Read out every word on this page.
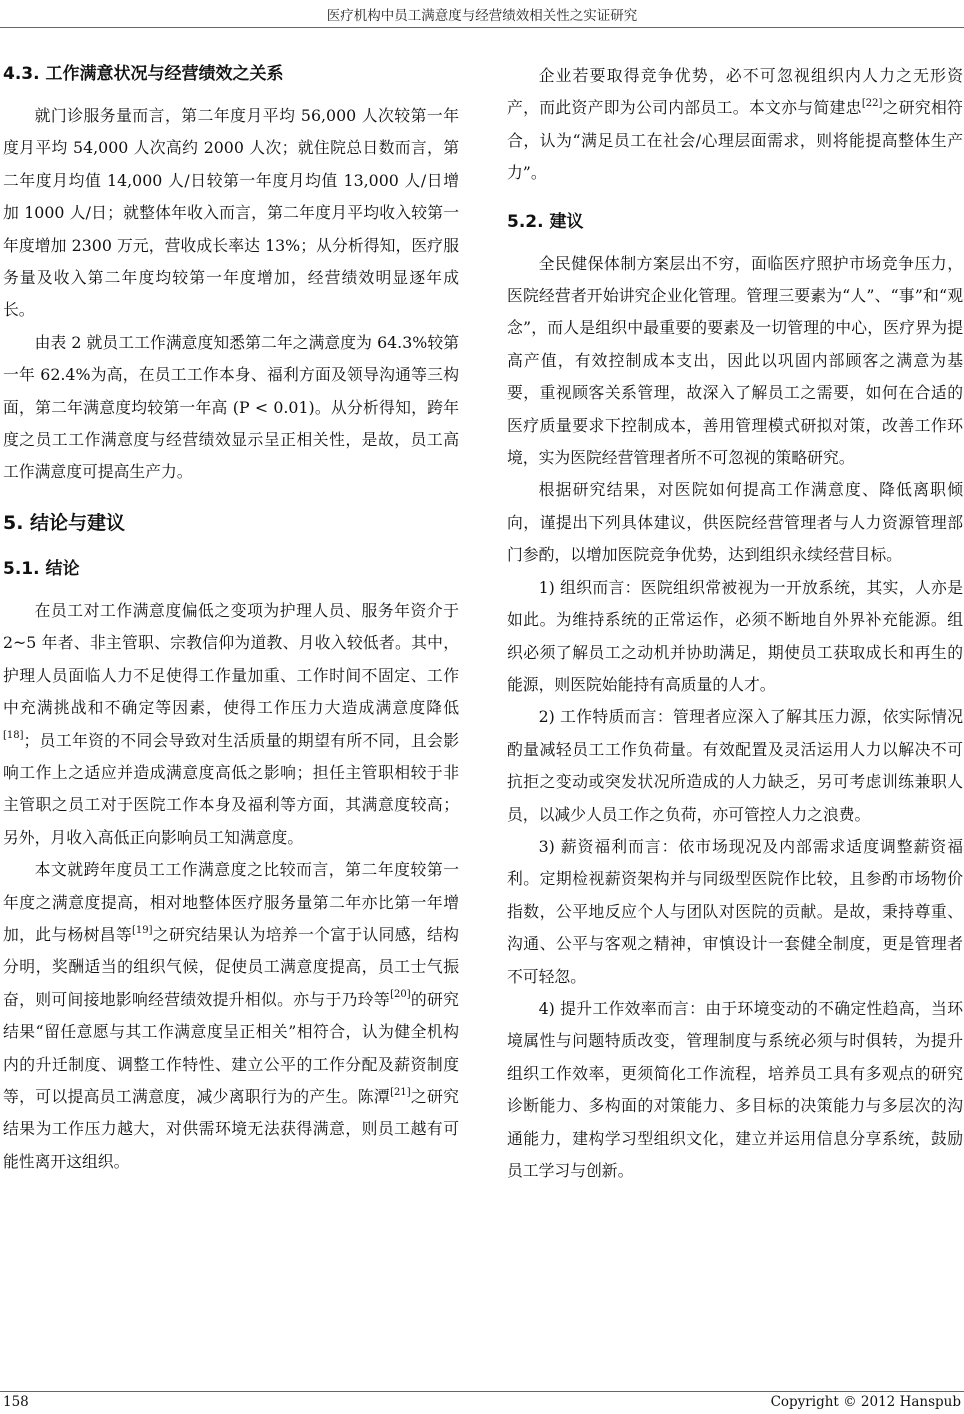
医疗机构中员工满意度与经营绩效相关性之实证研究
4.3. 工作满意状况与经营绩效之关系

就门诊服务量而言，第二年度月平均 56,000 人次较第一年度月平均 54,000 人次高约 2000 人次；就住院总日数而言，第二年度月均值 14,000 人/日较第一年度月均值 13,000 人/日增加 1000 人/日；就整体年收入而言，第二年度月平均收入较第一年度增加 2300 万元，营收成长率达 13%；从分析得知，医疗服务量及收入第二年度均较第一年度增加，经营绩效明显逐年成长。

由表 2 就员工工作满意度知悉第二年之满意度为 64.3%较第一年 62.4%为高，在员工工作本身、福利方面及领导沟通等三构面，第二年满意度均较第一年高 (P < 0.01)。从分析得知，跨年度之员工工作满意度与经营绩效显示呈正相关性，是故，员工高工作满意度可提高生产力。

5. 结论与建议
5.1. 结论

在员工对工作满意度偏低之变项为护理人员、服务年资介于 2~5 年者、非主管职、宗教信仰为道教、月收入较低者。其中，护理人员面临人力不足使得工作量加重、工作时间不固定、工作中充满挑战和不确定等因素，使得工作压力大造成满意度降低[18]；员工年资的不同会导致对生活质量的期望有所不同，且会影响工作上之适应并造成满意度高低之影响；担任主管职相较于非主管职之员工对于医院工作本身及福利等方面，其满意度较高；另外，月收入高低正向影响员工知满意度。

本文就跨年度员工工作满意度之比较而言，第二年度较第一年度之满意度提高，相对地整体医疗服务量第二年亦比第一年增加，此与杨树昌等[19]之研究结果认为培养一个富于认同感，结构分明，奖酬适当的组织气候，促使员工满意度提高，员工士气振奋，则可间接地影响经营绩效提升相似。亦与于乃玲等[20]的研究结果“留任意愿与其工作满意度呈正相关”相符合，认为健全机构内的升迁制度、调整工作特性、建立公平的工作分配及薪资制度等，可以提高员工满意度，减少离职行为的产生。陈潭[21]之研究结果为工作压力越大，对供需环境无法获得满意，则员工越有可能性离开这组织。

企业若要取得竞争优势，必不可忽视组织内人力之无形资产，而此资产即为公司内部员工。本文亦与简建忠[22]之研究相符合，认为“满足员工在社会/心理层面需求，则将能提高整体生产力”。

5.2. 建议

全民健保体制方案层出不穷，面临医疗照护市场竞争压力，医院经营者开始讲究企业化管理。管理三要素为“人”、“事”和“观念”，而人是组织中最重要的要素及一切管理的中心，医疗界为提高产值，有效控制成本支出，因此以巩固内部顾客之满意为基要，重视顾客关系管理，故深入了解员工之需要，如何在合适的医疗质量要求下控制成本，善用管理模式研拟对策，改善工作环境，实为医院经营管理者所不可忽视的策略研究。

根据研究结果，对医院如何提高工作满意度、降低离职倾向，谨提出下列具体建议，供医院经营管理者与人力资源管理部门参酌，以增加医院竞争优势，达到组织永续经营目标。

1) 组织而言：医院组织常被视为一开放系统，其实，人亦是如此。为维持系统的正常运作，必须不断地自外界补充能源。组织必须了解员工之动机并协助满足，期使员工获取成长和再生的能源，则医院始能持有高质量的人才。

2) 工作特质而言：管理者应深入了解其压力源，依实际情况酌量减轻员工工作负荷量。有效配置及灵活运用人力以解决不可抗拒之变动或突发状况所造成的人力缺乏，另可考虑训练兼职人员，以减少人员工作之负荷，亦可管控人力之浪费。

3) 薪资福利而言：依市场现况及内部需求适度调整薪资福利。定期检视薪资架构并与同级型医院作比较，且参酌市场物价指数，公平地反应个人与团队对医院的贡献。是故，秉持尊重、沟通、公平与客观之精神，审慎设计一套健全制度，更是管理者不可轻忽。

4) 提升工作效率而言：由于环境变动的不确定性趋高，当环境属性与问题特质改变，管理制度与系统必须与时俱转，为提升组织工作效率，更须简化工作流程，培养员工具有多观点的研究诊断能力、多构面的对策能力、多目标的决策能力与多层次的沟通能力，建构学习型组织文化，建立并运用信息分享系统，鼓励员工学习与创新。

158	Copyright © 2012 Hanspub
